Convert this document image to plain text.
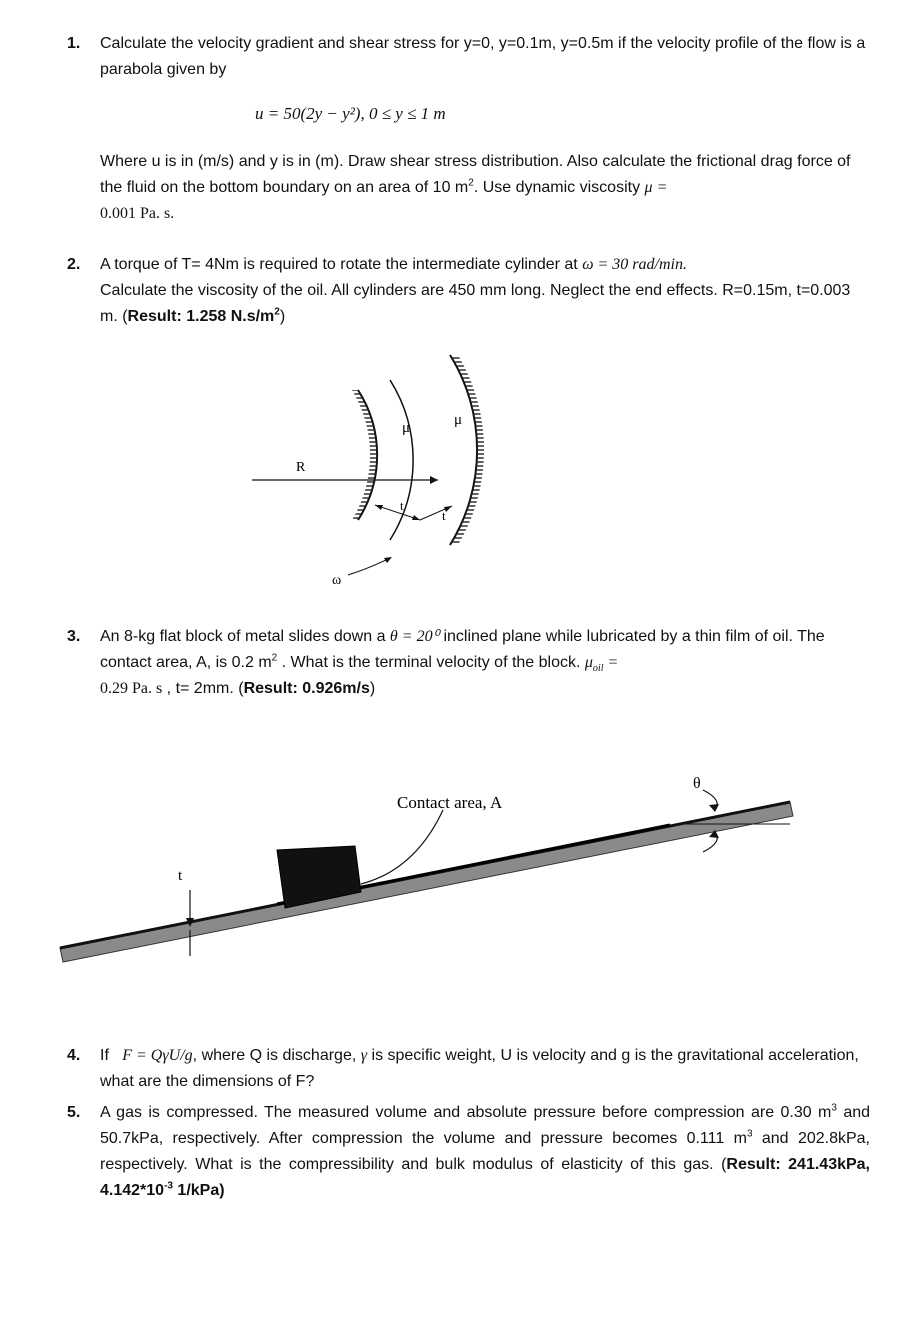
1. Calculate the velocity gradient and shear stress for y=0, y=0.1m, y=0.5m if the velocity profile of the flow is a parabola given by

u = 50(2y − y²), 0 ≤ y ≤ 1 m

Where u is in (m/s) and y is in (m). Draw shear stress distribution. Also calculate the frictional drag force of the fluid on the bottom boundary on an area of 10 $m^2$. Use dynamic viscosity μ =
0.001 Pa. s.

2. A torque of T= 4Nm is required to rotate the intermediate cylinder at ω = 30 rad/min.
Calculate the viscosity of the oil. All cylinders are 450 mm long. Neglect the end effects. R=0.15m, t=0.003 m. (Result: 1.258 $N.s/m^2$)

μ	μ
R
t
t
ω
3. An 8-kg flat block of metal slides down a θ = 20⁰ inclined plane while lubricated by a thin film of oil. The contact area, A, is 0.2 $m^2$ . What is the terminal velocity of the block. $\mu_{oil}$ =
0.29 Pa. s , t= 2mm. (Result: 0.926m/s)

Contact area, A
θ
t
4. If   F = QγU/g, where Q is discharge, γ is specific weight, U is velocity and g is the gravitational acceleration, what are the dimensions of F?

5. A gas is compressed. The measured volume and absolute pressure before compression are 0.30 $m^3$ and 50.7kPa, respectively. After compression the volume and pressure becomes 0.111 $m^3$ and 202.8kPa, respectively. What is the compressibility and bulk modulus of elasticity of this gas. (Result: 241.43kPa, $4.142*10^{-3}$ 1/kPa)
